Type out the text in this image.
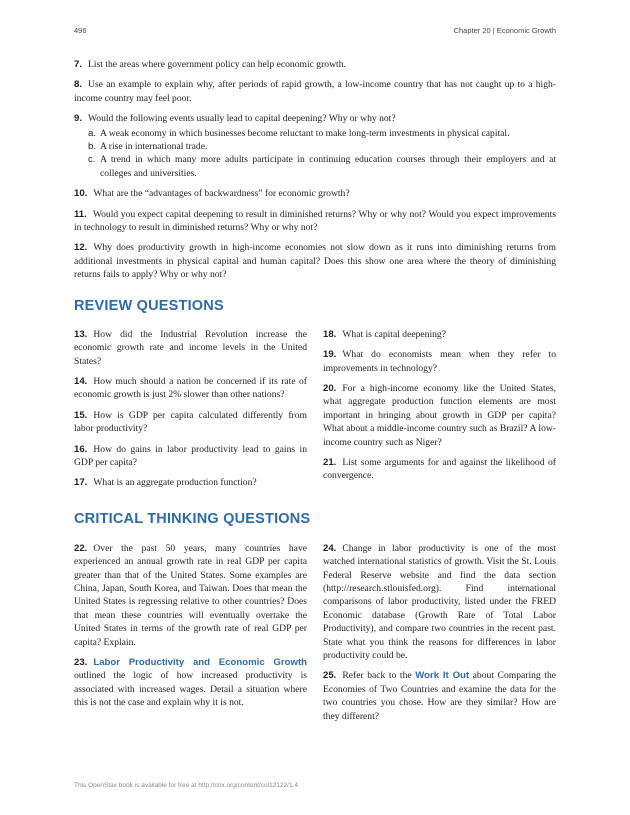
496	Chapter 20 | Economic Growth

7. List the areas where government policy can help economic growth.

8. Use an example to explain why, after periods of rapid growth, a low-income country that has not caught up to a high-income country may feel poor.

9. Would the following events usually lead to capital deepening? Why or why not?

a. A weak economy in which businesses become reluctant to make long-term investments in physical capital.
b. A rise in international trade.
c. A trend in which many more adults participate in continuing education courses through their employers and at colleges and universities.

10. What are the “advantages of backwardness” for economic growth?

11. Would you expect capital deepening to result in diminished returns? Why or why not? Would you expect improvements in technology to result in diminished returns? Why or why not?

12. Why does productivity growth in high-income economies not slow down as it runs into diminishing returns from additional investments in physical capital and human capital? Does this show one area where the theory of diminishing returns fails to apply? Why or why not?

REVIEW QUESTIONS

13. How did the Industrial Revolution increase the economic growth rate and income levels in the United States?

14. How much should a nation be concerned if its rate of economic growth is just 2% slower than other nations?

15. How is GDP per capita calculated differently from labor productivity?

16. How do gains in labor productivity lead to gains in GDP per capita?

17. What is an aggregate production function?

18. What is capital deepening?

19. What do economists mean when they refer to improvements in technology?

20. For a high-income economy like the United States, what aggregate production function elements are most important in bringing about growth in GDP per capita? What about a middle-income country such as Brazil? A low-income country such as Niger?

21. List some arguments for and against the likelihood of convergence.

CRITICAL THINKING QUESTIONS

22. Over the past 50 years, many countries have experienced an annual growth rate in real GDP per capita greater than that of the United States. Some examples are China, Japan, South Korea, and Taiwan. Does that mean the United States is regressing relative to other countries? Does that mean these countries will eventually overtake the United States in terms of the growth rate of real GDP per capita? Explain.

23. Labor Productivity and Economic Growth outlined the logic of how increased productivity is associated with increased wages. Detail a situation where this is not the case and explain why it is not.

24. Change in labor productivity is one of the most watched international statistics of growth. Visit the St. Louis Federal Reserve website and find the data section (http://research.stlouisfed.org). Find international comparisons of labor productivity, listed under the FRED Economic database (Growth Rate of Total Labor Productivity), and compare two countries in the recent past. State what you think the reasons for differences in labor productivity could be.

25. Refer back to the Work It Out about Comparing the Economies of Two Countries and examine the data for the two countries you chose. How are they similar? How are they different?

This OpenStax book is available for free at http://cnx.org/content/col12122/1.4
